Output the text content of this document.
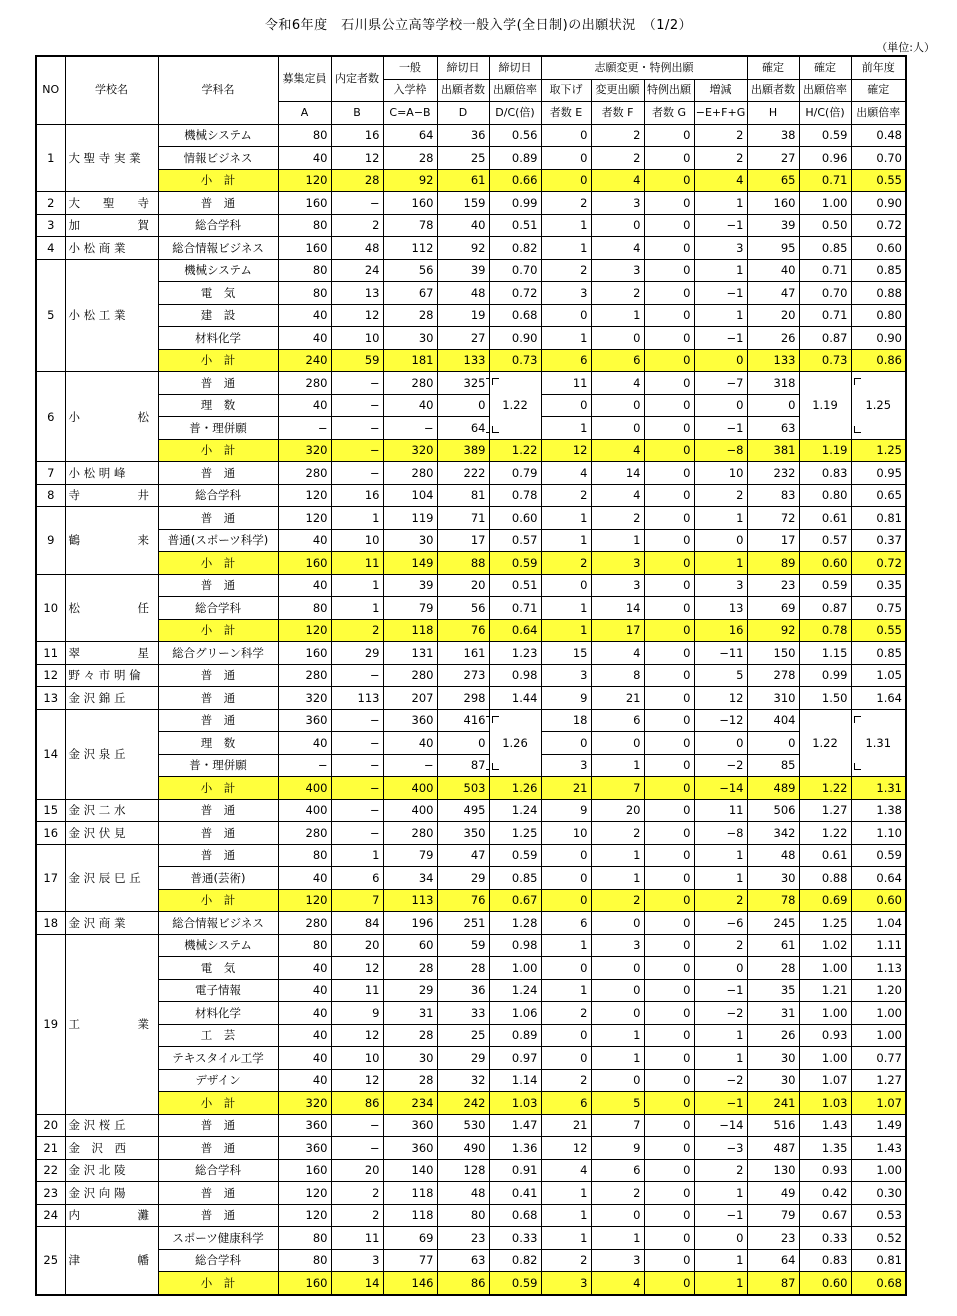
令和6年度　石川県公立高等学校一般入学(全日制)の出願状況　（1/2）
（単位:人）
NO	学校名	学科名	募集定員	内定者数	一般	締切日	締切日	志願変更・特例出願				確定	確定	前年度
					入学枠	出願者数	出願倍率	取下げ	変更出願	特例出願	増減	出願者数	出願倍率	確定
			A	B	C=A−B	D	D/C(倍)	者数 E	者数 F	者数 G	−E+F+G	H	H/C(倍)	出願倍率
1	大 聖 寺 実 業	機械システム	80	16	64	36	0.56	0	2	0	2	38	0.59	0.48
		情報ビジネス	40	12	28	25	0.89	0	2	0	2	27	0.96	0.70
		小　計	120	28	92	61	0.66	0	4	0	4	65	0.71	0.55
2	大　　聖　　寺	普　通	160	−	160	159	0.99	2	3	0	1	160	1.00	0.90
3	加　　　　　賀	総合学科	80	2	78	40	0.51	1	0	0	−1	39	0.50	0.72
4	小 松 商 業	総合情報ビジネス	160	48	112	92	0.82	1	4	0	3	95	0.85	0.60
5	小 松 工 業	機械システム	80	24	56	39	0.70	2	3	0	1	40	0.71	0.85
		電　気	80	13	67	48	0.72	3	2	0	−1	47	0.70	0.88
		建　設	40	12	28	19	0.68	0	1	0	1	20	0.71	0.80
		材料化学	40	10	30	27	0.90	1	0	0	−1	26	0.87	0.90
		小　計	240	59	181	133	0.73	6	6	0	0	133	0.73	0.86
6	小　　　　　松	普　通	280	−	280	325	1.22	11	4	0	−7	318	1.19	1.25

		理　数	40	−	40	0		0	0	0	0	0		
		普・理併願	−	−	−	64		1	0	0	−1	63		
		小　計	320	−	320	389	1.22	12	4	0	−8	381	1.19	1.25
7	小 松 明 峰	普　通	280	−	280	222	0.79	4	14	0	10	232	0.83	0.95
8	寺　　　　　井	総合学科	120	16	104	81	0.78	2	4	0	2	83	0.80	0.65
9	鶴　　　　　来	普　通	120	1	119	71	0.60	1	2	0	1	72	0.61	0.81
		普通(スポーツ科学)	40	10	30	17	0.57	1	1	0	0	17	0.57	0.37
		小　計	160	11	149	88	0.59	2	3	0	1	89	0.60	0.72
10	松　　　　　任	普　通	40	1	39	20	0.51	0	3	0	3	23	0.59	0.35
		総合学科	80	1	79	56	0.71	1	14	0	13	69	0.87	0.75
		小　計	120	2	118	76	0.64	1	17	0	16	92	0.78	0.55
11	翠　　　　　星	総合グリーン科学	160	29	131	161	1.23	15	4	0	−11	150	1.15	0.85
12	野 々 市 明 倫	普　通	280	−	280	273	0.98	3	8	0	5	278	0.99	1.05
13	金 沢 錦 丘	普　通	320	113	207	298	1.44	9	21	0	12	310	1.50	1.64
14	金 沢 泉 丘	普　通	360	−	360	416	1.26	18	6	0	−12	404	1.22	1.31

		理　数	40	−	40	0		0	0	0	0	0		
		普・理併願	−	−	−	87		3	1	0	−2	85		
		小　計	400	−	400	503	1.26	21	7	0	−14	489	1.22	1.31
15	金 沢 二 水	普　通	400	−	400	495	1.24	9	20	0	11	506	1.27	1.38
16	金 沢 伏 見	普　通	280	−	280	350	1.25	10	2	0	−8	342	1.22	1.10
17	金 沢 辰 巳 丘	普　通	80	1	79	47	0.59	0	1	0	1	48	0.61	0.59
		普通(芸術)	40	6	34	29	0.85	0	1	0	1	30	0.88	0.64
		小　計	120	7	113	76	0.67	0	2	0	2	78	0.69	0.60
18	金 沢 商 業	総合情報ビジネス	280	84	196	251	1.28	6	0	0	−6	245	1.25	1.04
19	工　　　　　業	機械システム	80	20	60	59	0.98	1	3	0	2	61	1.02	1.11
		電　気	40	12	28	28	1.00	0	0	0	0	28	1.00	1.13
		電子情報	40	11	29	36	1.24	1	0	0	−1	35	1.21	1.20
		材料化学	40	9	31	33	1.06	2	0	0	−2	31	1.00	1.00
		工　芸	40	12	28	25	0.89	0	1	0	1	26	0.93	1.00
		テキスタイル工学	40	10	30	29	0.97	0	1	0	1	30	1.00	0.77
		デザイン	40	12	28	32	1.14	2	0	0	−2	30	1.07	1.27
		小　計	320	86	234	242	1.03	6	5	0	−1	241	1.03	1.07
20	金 沢 桜 丘	普　通	360	−	360	530	1.47	21	7	0	−14	516	1.43	1.49
21	金　沢　西	普　通	360	−	360	490	1.36	12	9	0	−3	487	1.35	1.43
22	金 沢 北 陵	総合学科	160	20	140	128	0.91	4	6	0	2	130	0.93	1.00
23	金 沢 向 陽	普　通	120	2	118	48	0.41	1	2	0	1	49	0.42	0.30
24	内　　　　　灘	普　通	120	2	118	80	0.68	1	0	0	−1	79	0.67	0.53
25	津　　　　　幡	スポーツ健康科学	80	11	69	23	0.33	1	1	0	0	23	0.33	0.52
		総合学科	80	3	77	63	0.82	2	3	0	1	64	0.83	0.81
		小　計	160	14	146	86	0.59	3	4	0	1	87	0.60	0.68
